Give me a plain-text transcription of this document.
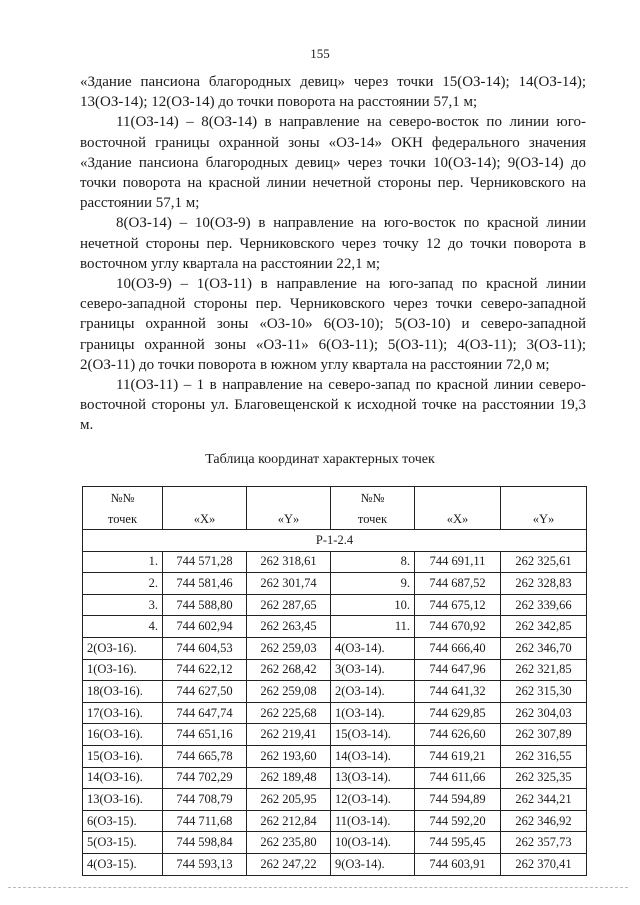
155

«Здание пансиона благородных девиц» через точки 15(ОЗ-14); 14(ОЗ-14); 13(ОЗ-14); 12(ОЗ-14) до точки поворота на расстоянии 57,1 м;

11(ОЗ-14) – 8(ОЗ-14) в направление на северо-восток по линии юго-восточной границы охранной зоны «ОЗ-14» ОКН федерального значения «Здание пансиона благородных девиц» через точки 10(ОЗ-14); 9(ОЗ-14) до точки поворота на красной линии нечетной стороны пер. Черниковского на расстоянии 57,1 м;

8(ОЗ-14) – 10(ОЗ-9) в направление на юго-восток по красной линии нечетной стороны пер. Черниковского через точку 12 до точки поворота в восточном углу квартала на расстоянии 22,1 м;

10(ОЗ-9) – 1(ОЗ-11) в направление на юго-запад по красной линии северо-западной стороны пер. Черниковского через точки северо-западной границы охранной зоны «ОЗ-10» 6(ОЗ-10); 5(ОЗ-10) и северо-западной границы охранной зоны «ОЗ-11» 6(ОЗ-11); 5(ОЗ-11); 4(ОЗ-11); 3(ОЗ-11); 2(ОЗ-11) до точки поворота в южном углу квартала на расстоянии 72,0 м;

11(ОЗ-11) – 1 в направление на северо-запад по красной линии северо-восточной стороны ул. Благовещенской к исходной точке на расстоянии 19,3 м.

Таблица координат характерных точек
№№
точек	«Х»	«Y»	№№
точек	«Х»	«Y»
Р-1-2.4					
1.	744 571,28	262 318,61	8.	744 691,11	262 325,61
2.	744 581,46	262 301,74	9.	744 687,52	262 328,83
3.	744 588,80	262 287,65	10.	744 675,12	262 339,66
4.	744 602,94	262 263,45	11.	744 670,92	262 342,85
2(ОЗ-16).	744 604,53	262 259,03	4(ОЗ-14).	744 666,40	262 346,70
1(ОЗ-16).	744 622,12	262 268,42	3(ОЗ-14).	744 647,96	262 321,85
18(ОЗ-16).	744 627,50	262 259,08	2(ОЗ-14).	744 641,32	262 315,30
17(ОЗ-16).	744 647,74	262 225,68	1(ОЗ-14).	744 629,85	262 304,03
16(ОЗ-16).	744 651,16	262 219,41	15(ОЗ-14).	744 626,60	262 307,89
15(ОЗ-16).	744 665,78	262 193,60	14(ОЗ-14).	744 619,21	262 316,55
14(ОЗ-16).	744 702,29	262 189,48	13(ОЗ-14).	744 611,66	262 325,35
13(ОЗ-16).	744 708,79	262 205,95	12(ОЗ-14).	744 594,89	262 344,21
6(ОЗ-15).	744 711,68	262 212,84	11(ОЗ-14).	744 592,20	262 346,92
5(ОЗ-15).	744 598,84	262 235,80	10(ОЗ-14).	744 595,45	262 357,73
4(ОЗ-15).	744 593,13	262 247,22	9(ОЗ-14).	744 603,91	262 370,41
